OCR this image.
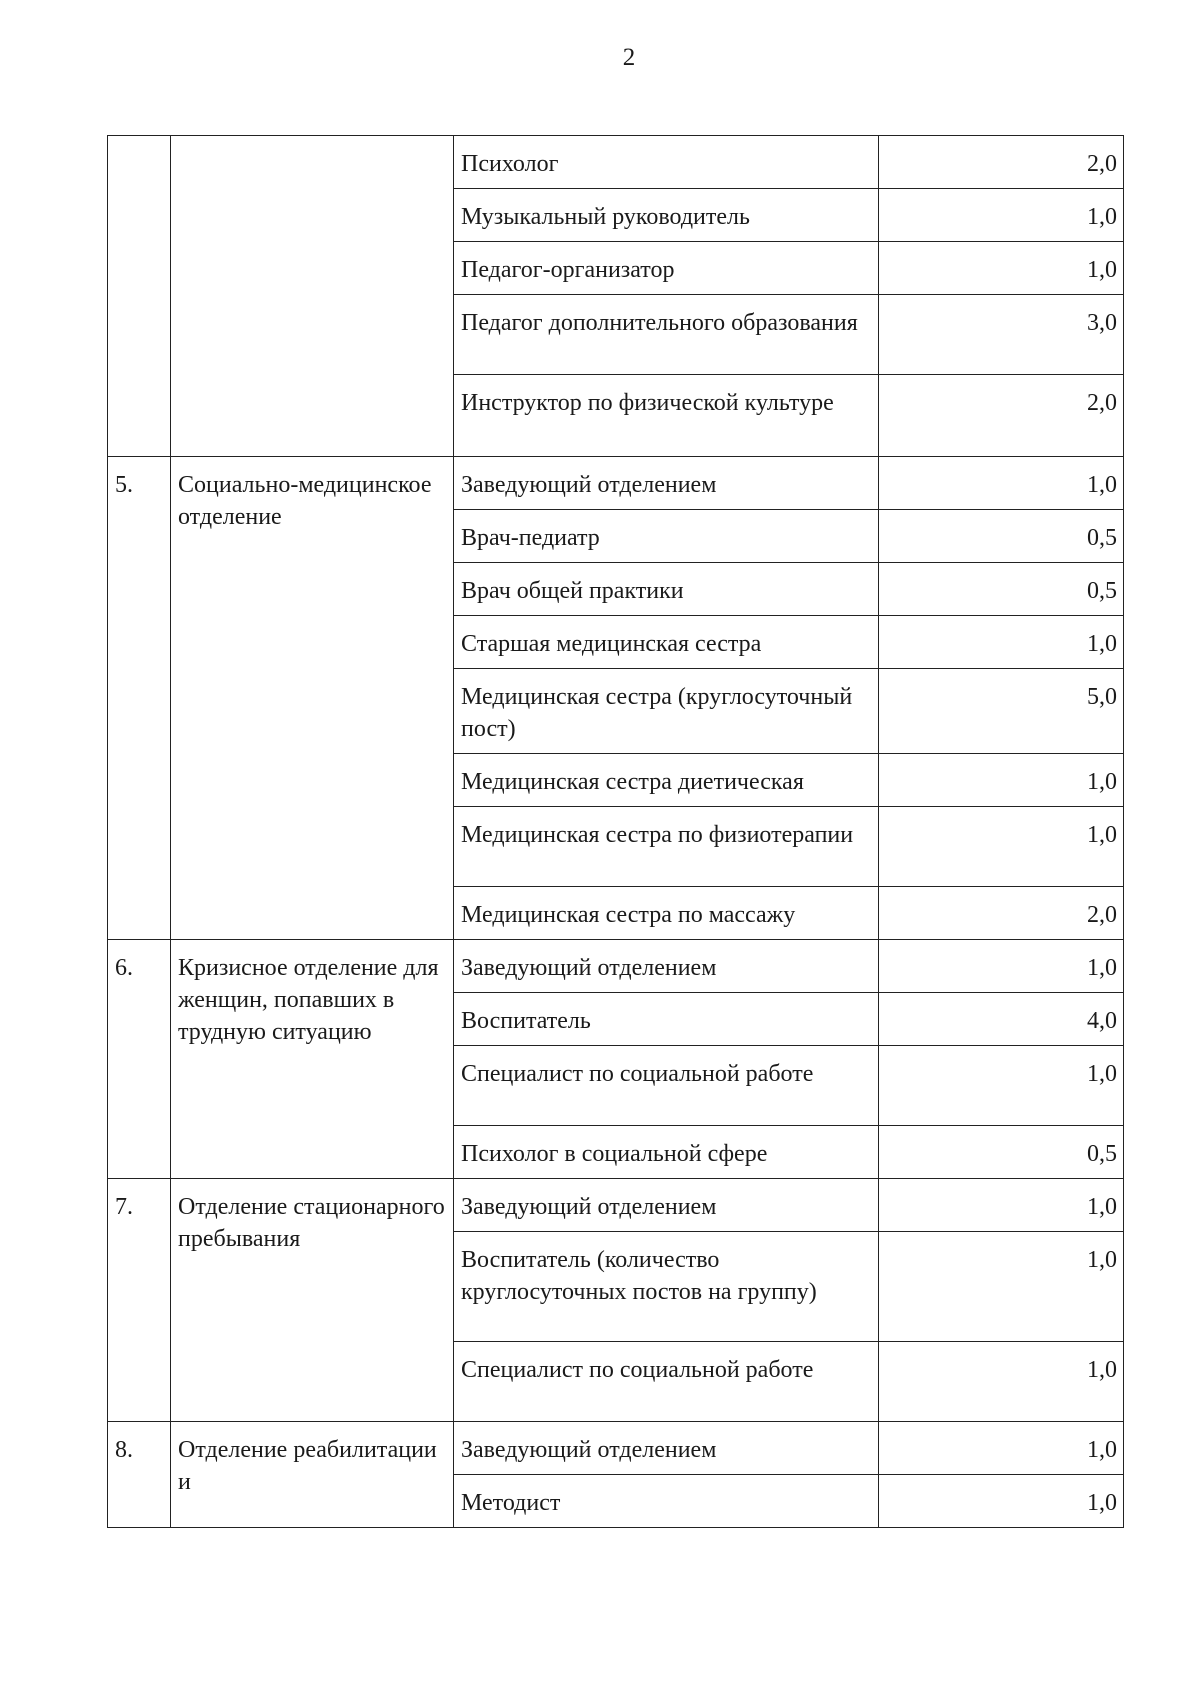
2
		Психолог	2,0
		Музыкальный руководитель	1,0
		Педагог-организатор	1,0
		Педагог дополнительного образования	3,0
		Инструктор по физической культуре	2,0
5.	Социально-медицинское отделение	Заведующий отделением	1,0
		Врач-педиатр	0,5
		Врач общей практики	0,5
		Старшая медицинская сестра	1,0
		Медицинская сестра (круглосуточный пост)	5,0
		Медицинская сестра диетическая	1,0
		Медицинская сестра по физиотерапии	1,0
		Медицинская сестра по массажу	2,0
6.	Кризисное отделение для женщин, попавших в трудную ситуацию	Заведующий отделением	1,0
		Воспитатель	4,0
		Специалист по социальной работе	1,0
		Психолог в социальной сфере	0,5
7.	Отделение стационарного пребывания	Заведующий отделением	1,0
		Воспитатель (количество круглосуточных постов на группу)	1,0
		Специалист по социальной работе	1,0
8.	Отделение реабилитации и	Заведующий отделением	1,0
		Методист	1,0
